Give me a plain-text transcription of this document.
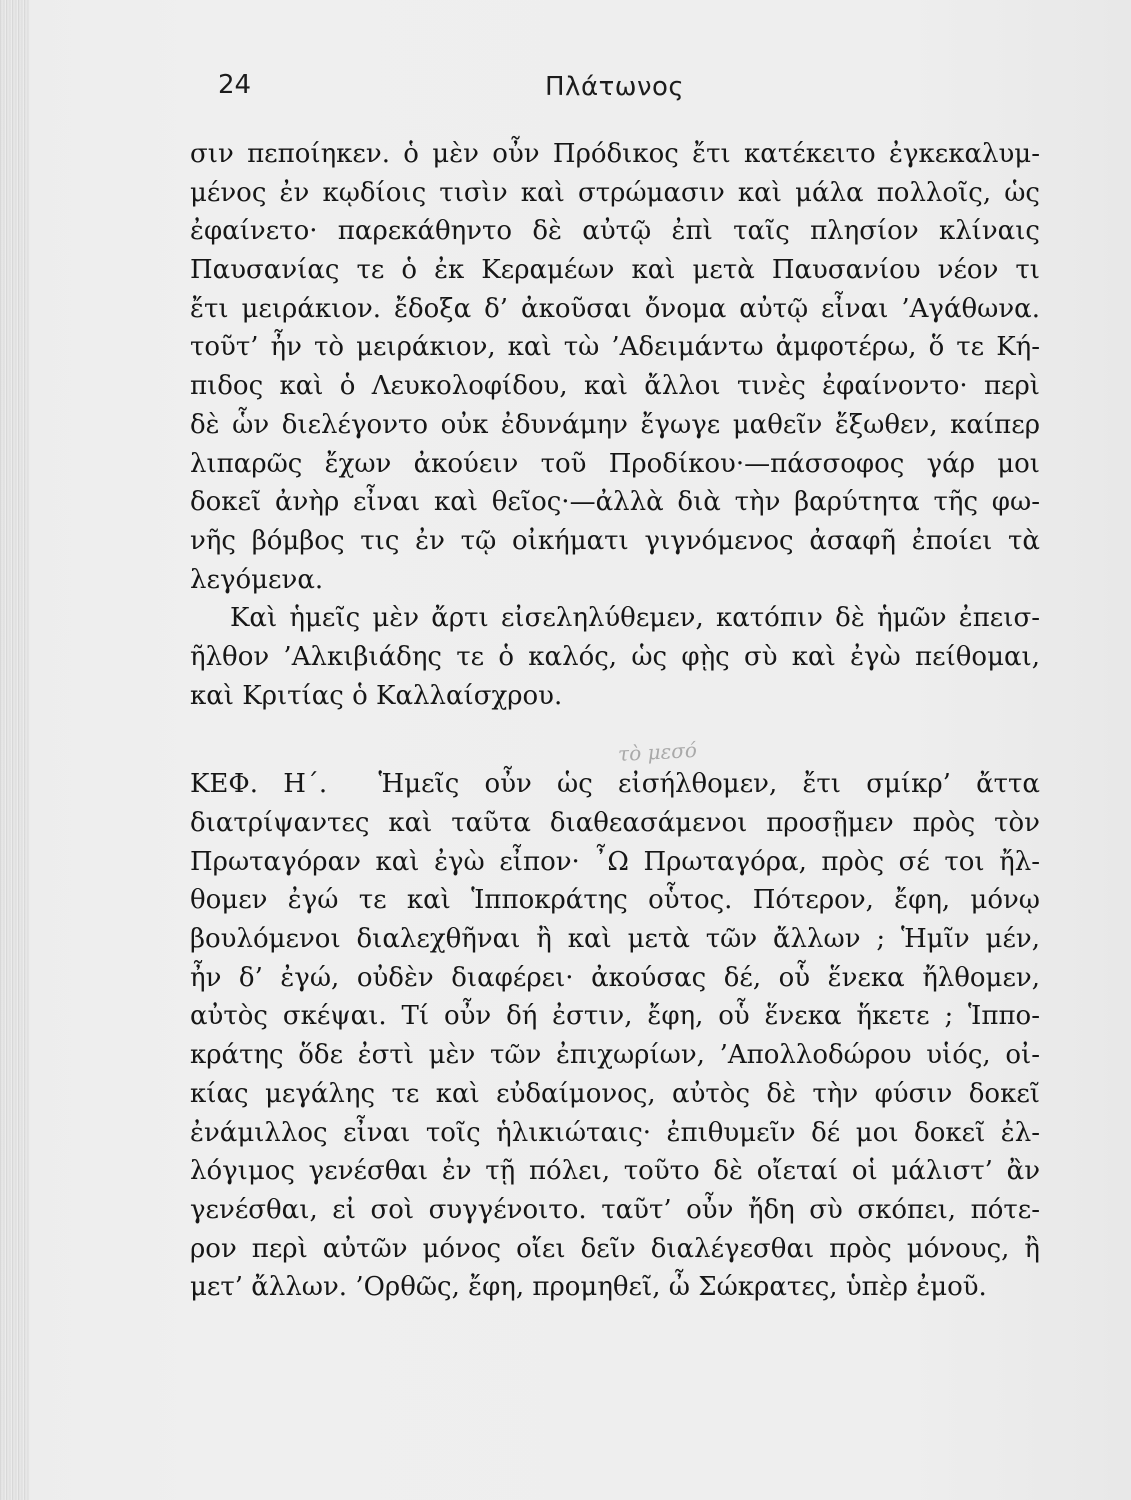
24	Πλάτωνος
σιν πεποίηκεν. ὁ μὲν οὖν Πρόδικος ἔτι κατέκειτο ἐγκεκαλυμ-
μένος ἐν κῳδίοις τισὶν καὶ στρώμασιν καὶ μάλα πολλοῖς, ὡς
ἐφαίνετο· παρεκάθηντο δὲ αὐτῷ ἐπὶ ταῖς πλησίον κλίναις
Παυσανίας τε ὁ ἐκ Κεραμέων καὶ μετὰ Παυσανίου νέον τι
ἔτι μειράκιον. ἔδοξα δ’ ἀκοῦσαι ὄνομα αὐτῷ εἶναι ’Αγάθωνα.
τοῦτ’ ἦν τὸ μειράκιον, καὶ τὼ ’Αδειμάντω ἀμφοτέρω, ὅ τε Κή-
πιδος καὶ ὁ Λευκολοφίδου, καὶ ἄλλοι τινὲς ἐφαίνοντο· περὶ
δὲ ὧν διελέγοντο οὐκ ἐδυνάμην ἔγωγε μαθεῖν ἔξωθεν, καίπερ
λιπαρῶς ἔχων ἀκούειν τοῦ Προδίκου·—πάσσοφος γάρ μοι
δοκεῖ ἀνὴρ εἶναι καὶ θεῖος·—ἀλλὰ διὰ τὴν βαρύτητα τῆς φω-
νῆς βόμβος τις ἐν τῷ οἰκήματι γιγνόμενος ἀσαφῆ ἐποίει τὰ
λεγόμενα.
Καὶ ἡμεῖς μὲν ἄρτι εἰσεληλύθεμεν, κατόπιν δὲ ἡμῶν ἐπεισ-
ῆλθον ’Αλκιβιάδης τε ὁ καλός, ὡς φῂς σὺ καὶ ἐγὼ πείθομαι,
καὶ Κριτίας ὁ Καλλαίσχρου.
ΚΕΦ. Η΄. Ἡμεῖς οὖν ὡς εἰσήλθομεν, ἔτι σμίκρ’ ἄττα
διατρίψαντες καὶ ταῦτα διαθεασάμενοι προσῇμεν πρὸς τὸν
Πρωταγόραν καὶ ἐγὼ εἶπον· ῏Ω Πρωταγόρα, πρὸς σέ τοι ἤλ-
θομεν ἐγώ τε καὶ Ἱπποκράτης οὗτος. Πότερον, ἔφη, μόνῳ
βουλόμενοι διαλεχθῆναι ἢ καὶ μετὰ τῶν ἄλλων ; Ἡμῖν μέν,
ἦν δ’ ἐγώ, οὐδὲν διαφέρει· ἀκούσας δέ, οὗ ἕνεκα ἤλθομεν,
αὐτὸς σκέψαι. Τί οὖν δή ἐστιν, ἔφη, οὗ ἕνεκα ἥκετε ; Ἱππο-
κράτης ὅδε ἐστὶ μὲν τῶν ἐπιχωρίων, ’Απολλοδώρου υἱός, οἰ-
κίας μεγάλης τε καὶ εὐδαίμονος, αὐτὸς δὲ τὴν φύσιν δοκεῖ
ἐνάμιλλος εἶναι τοῖς ἡλικιώταις· ἐπιθυμεῖν δέ μοι δοκεῖ ἐλ-
λόγιμος γενέσθαι ἐν τῇ πόλει, τοῦτο δὲ οἴεταί οἱ μάλιστ’ ἂν
γενέσθαι, εἰ σοὶ συγγένοιτο. ταῦτ’ οὖν ἤδη σὺ σκόπει, πότε-
ρον περὶ αὐτῶν μόνος οἴει δεῖν διαλέγεσθαι πρὸς μόνους, ἢ
μετ’ ἄλλων. ’Ορθῶς, ἔφη, προμηθεῖ, ὦ Σώκρατες, ὑπὲρ ἐμοῦ.
τὸ μεσό
